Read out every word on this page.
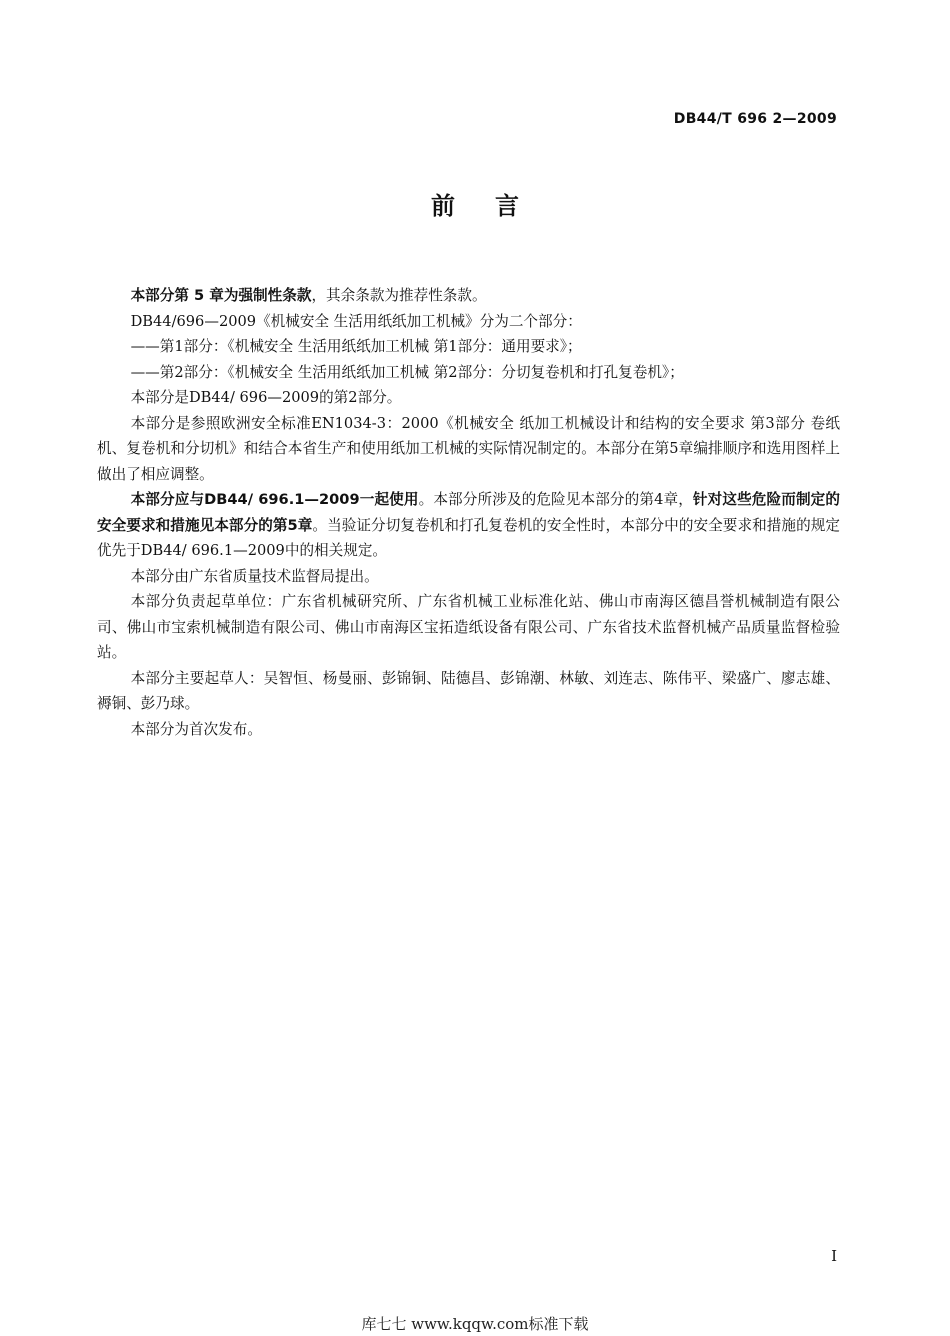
DB44/T 696 2—2009
前言

本部分第 5 章为强制性条款，其余条款为推荐性条款。

DB44/696—2009《机械安全 生活用纸纸加工机械》分为二个部分：

——第1部分：《机械安全 生活用纸纸加工机械 第1部分：通用要求》；

——第2部分：《机械安全 生活用纸纸加工机械 第2部分：分切复卷机和打孔复卷机》；

本部分是DB44/ 696—2009的第2部分。

本部分是参照欧洲安全标准EN1034-3：2000《机械安全 纸加工机械设计和结构的安全要求 第3部分 卷纸机、复卷机和分切机》和结合本省生产和使用纸加工机械的实际情况制定的。本部分在第5章编排顺序和选用图样上做出了相应调整。

本部分应与DB44/ 696.1—2009一起使用。本部分所涉及的危险见本部分的第4章，针对这些危险而制定的安全要求和措施见本部分的第5章。当验证分切复卷机和打孔复卷机的安全性时，本部分中的安全要求和措施的规定优先于DB44/ 696.1—2009中的相关规定。

本部分由广东省质量技术监督局提出。

本部分负责起草单位：广东省机械研究所、广东省机械工业标准化站、佛山市南海区德昌誉机械制造有限公司、佛山市宝索机械制造有限公司、佛山市南海区宝拓造纸设备有限公司、广东省技术监督机械产品质量监督检验站。

本部分主要起草人：吴智恒、杨曼丽、彭锦铜、陆德昌、彭锦潮、林敏、刘连志、陈伟平、梁盛广、廖志雄、褥铜、彭乃球。

本部分为首次发布。

I
库七七 www.kqqw.com标准下载
